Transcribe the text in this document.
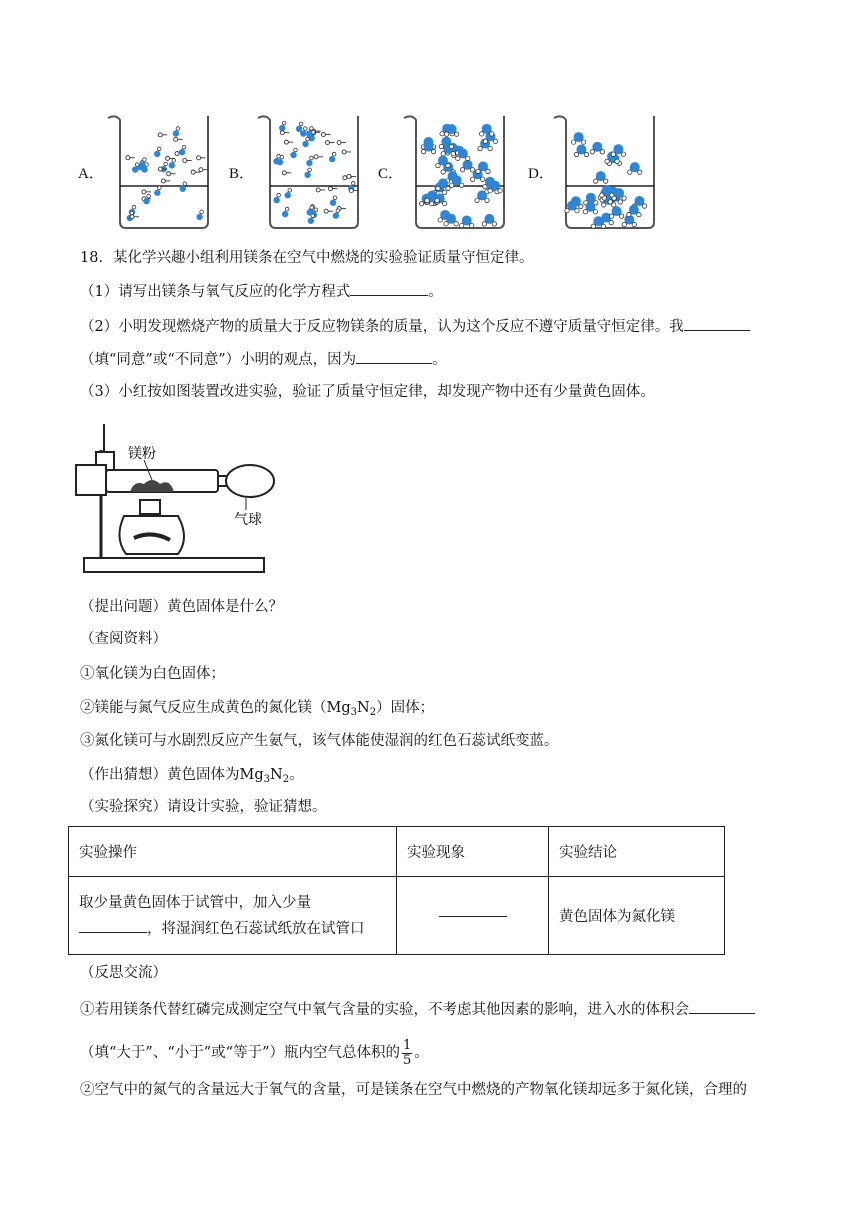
A．	B．	C．	D．
18．某化学兴趣小组利用镁条在空气中燃烧的实验验证质量守恒定律。
（1）请写出镁条与氧气反应的化学方程式	。
（2）小明发现燃烧产物的质量大于反应物镁条的质量，认为这个反应不遵守质量守恒定律。我
（填“同意”或“不同意”）小明的观点，因为	。
（3）小红按如图装置改进实验，验证了质量守恒定律，却发现产物中还有少量黄色固体。
镁粉
气球
（提出问题）黄色固体是什么？
（查阅资料）
①氧化镁为白色固体；
②镁能与氮气反应生成黄色的氮化镁$(Mg_3N_2)$固体；
③氮化镁可与水剧烈反应产生氨气，该气体能使湿润的红色石蕊试纸变蓝。
（作出猜想）黄色固体为$Mg_3N_2$。
（实验探究）请设计实验，验证猜想。
实验操作	实验现象	实验结论

取少量黄色固体于试管中，加入少量
，将湿润红色石蕊试纸放在试管口		黄色固体为氮化镁
（反思交流）
①若用镁条代替红磷完成测定空气中氧气含量的实验，不考虑其他因素的影响，进入水的体积会
（填“大于”、“小于”或“等于”）瓶内空气总体积的 $\frac{1}{5}$ 。
②空气中的氮气的含量远大于氧气的含量，可是镁条在空气中燃烧的产物氧化镁却远多于氮化镁，合理的
